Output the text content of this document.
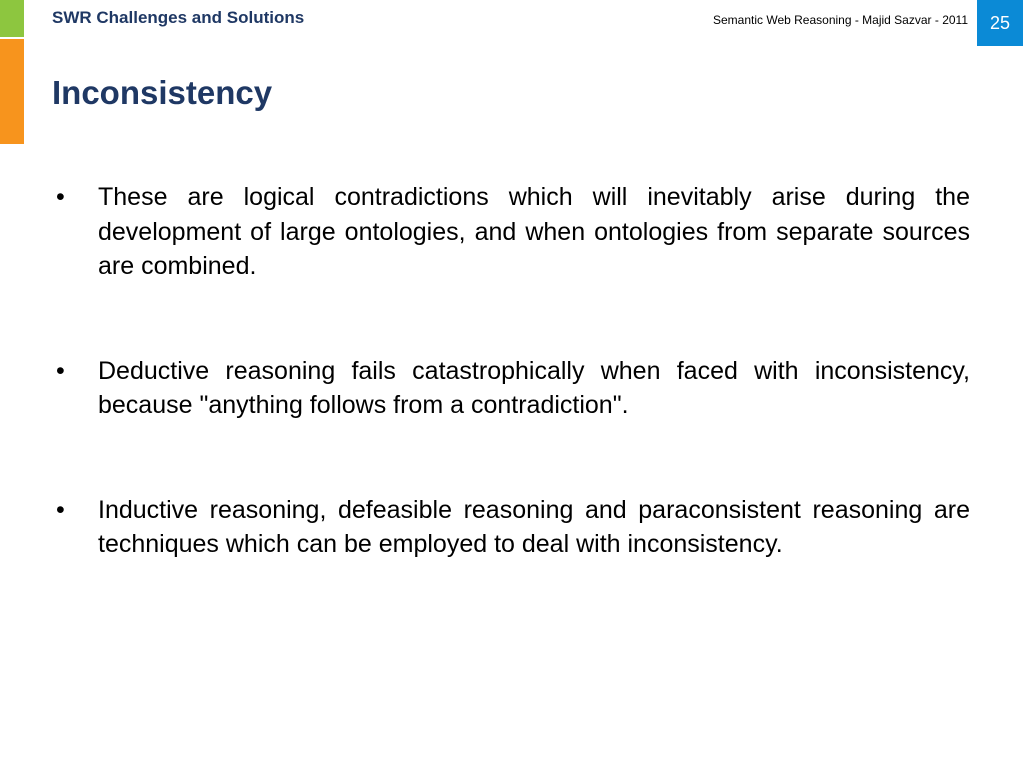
SWR Challenges and Solutions	Semantic Web Reasoning - Majid Sazvar - 2011	25
Inconsistency
• These are logical contradictions which will inevitably arise during the development of large ontologies, and when ontologies from separate sources are combined.
• Deductive reasoning fails catastrophically when faced with inconsistency, because "anything follows from a contradiction".
• Inductive reasoning, defeasible reasoning and paraconsistent reasoning are techniques which can be employed to deal with inconsistency.
